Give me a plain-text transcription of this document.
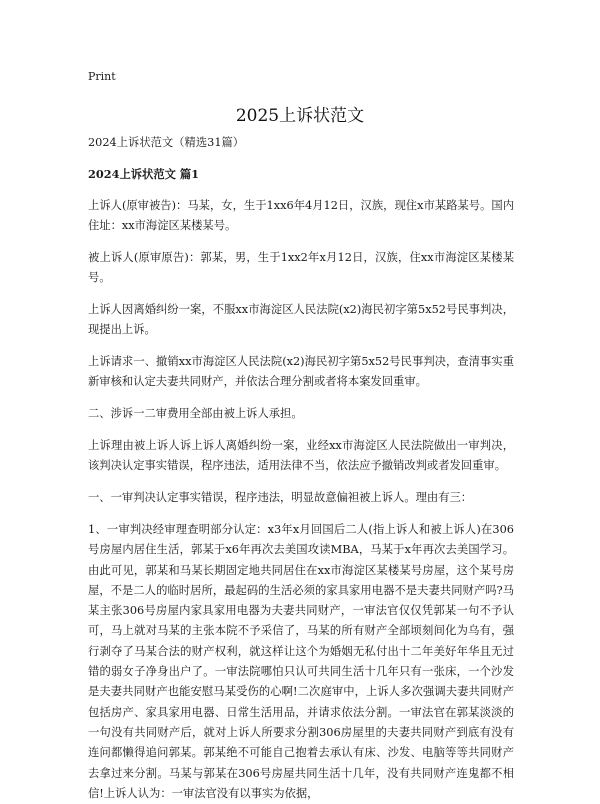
Print
2025上诉状范文

2024上诉状范文（精选31篇）

2024上诉状范文 篇1

上诉人(原审被告)：马某，女，生于1xx6年4月12日，汉族，现住x市某路某号。国内住址：xx市海淀区某楼某号。

被上诉人(原审原告)：郭某，男，生于1xx2年x月12日，汉族，住xx市海淀区某楼某号。

上诉人因离婚纠纷一案，不服xx市海淀区人民法院(x2)海民初字第5x52号民事判决，现提出上诉。

上诉请求一、撤销xx市海淀区人民法院(x2)海民初字第5x52号民事判决，查清事实重新审核和认定夫妻共同财产，并依法合理分割或者将本案发回重审。

二、涉诉一二审费用全部由被上诉人承担。

上诉理由被上诉人诉上诉人离婚纠纷一案，业经xx市海淀区人民法院做出一审判决，该判决认定事实错误，程序违法，适用法律不当，依法应予撤销改判或者发回重审。

一、一审判决认定事实错误，程序违法，明显故意偏袒被上诉人。理由有三：

1、一审判决经审理查明部分认定：x3年x月回国后二人(指上诉人和被上诉人)在306号房屋内居住生活，郭某于x6年再次去美国攻读MBA，马某于x年再次去美国学习。由此可见，郭某和马某长期固定地共同居住在xx市海淀区某楼某号房屋，这个某号房屋，不是二人的临时居所，最起码的生活必须的家具家用电器不是夫妻共同财产吗?马某主张306号房屋内家具家用电器为夫妻共同财产，一审法官仅仅凭郭某一句不予认可，马上就对马某的主张本院不予采信了，马某的所有财产全部顷刻间化为乌有，强行剥夺了马某合法的财产权利，就这样让这个为婚姻无私付出十二年美好年华且无过错的弱女子净身出户了。一审法院哪怕只认可共同生活十几年只有一张床，一个沙发是夫妻共同财产也能安慰马某受伤的心啊!二次庭审中，上诉人多次强调夫妻共同财产包括房产、家具家用电器、日常生活用品，并请求依法分割。一审法官在郭某淡淡的一句没有共同财产后，就对上诉人所要求分割306房屋里的夫妻共同财产到底有没有连问都懒得追问郭某。郭某绝不可能自己抱着去承认有床、沙发、电脑等等共同财产去拿过来分割。马某与郭某在306号房屋共同生活十几年，没有共同财产连鬼都不相信!上诉人认为：一审法官没有以事实为依据，
